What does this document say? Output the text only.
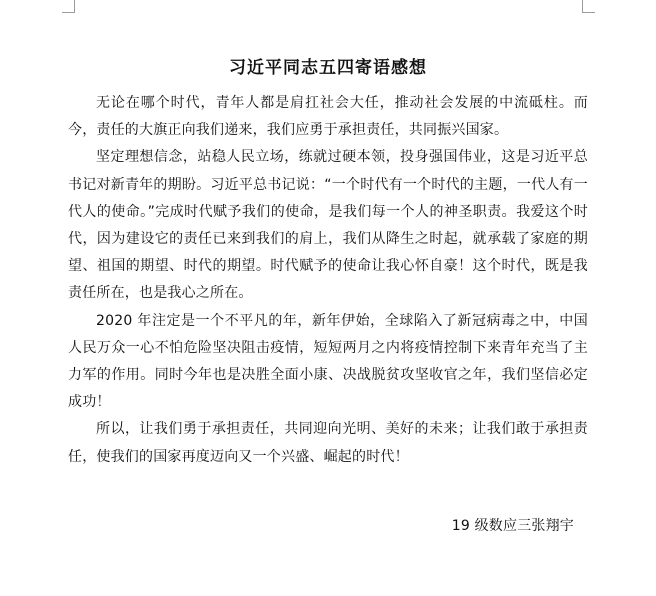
习近平同志五四寄语感想

无论在哪个时代，青年人都是肩扛社会大任，推动社会发展的中流砥柱。而今，责任的大旗正向我们递来，我们应勇于承担责任，共同振兴国家。

坚定理想信念，站稳人民立场，练就过硬本领，投身强国伟业，这是习近平总书记对新青年的期盼。习近平总书记说：“一个时代有一个时代的主题，一代人有一代人的使命。”完成时代赋予我们的使命，是我们每一个人的神圣职责。我爱这个时代，因为建设它的责任已来到我们的肩上，我们从降生之时起，就承载了家庭的期望、祖国的期望、时代的期望。时代赋予的使命让我心怀自豪！这个时代，既是我责任所在，也是我心之所在。

2020 年注定是一个不平凡的年，新年伊始，全球陷入了新冠病毒之中，中国人民万众一心不怕危险坚决阻击疫情，短短两月之内将疫情控制下来青年充当了主力军的作用。同时今年也是决胜全面小康、决战脱贫攻坚收官之年，我们坚信必定成功！

所以，让我们勇于承担责任，共同迎向光明、美好的未来；让我们敢于承担责任，使我们的国家再度迈向又一个兴盛、崛起的时代！

19 级数应三张翔宇
